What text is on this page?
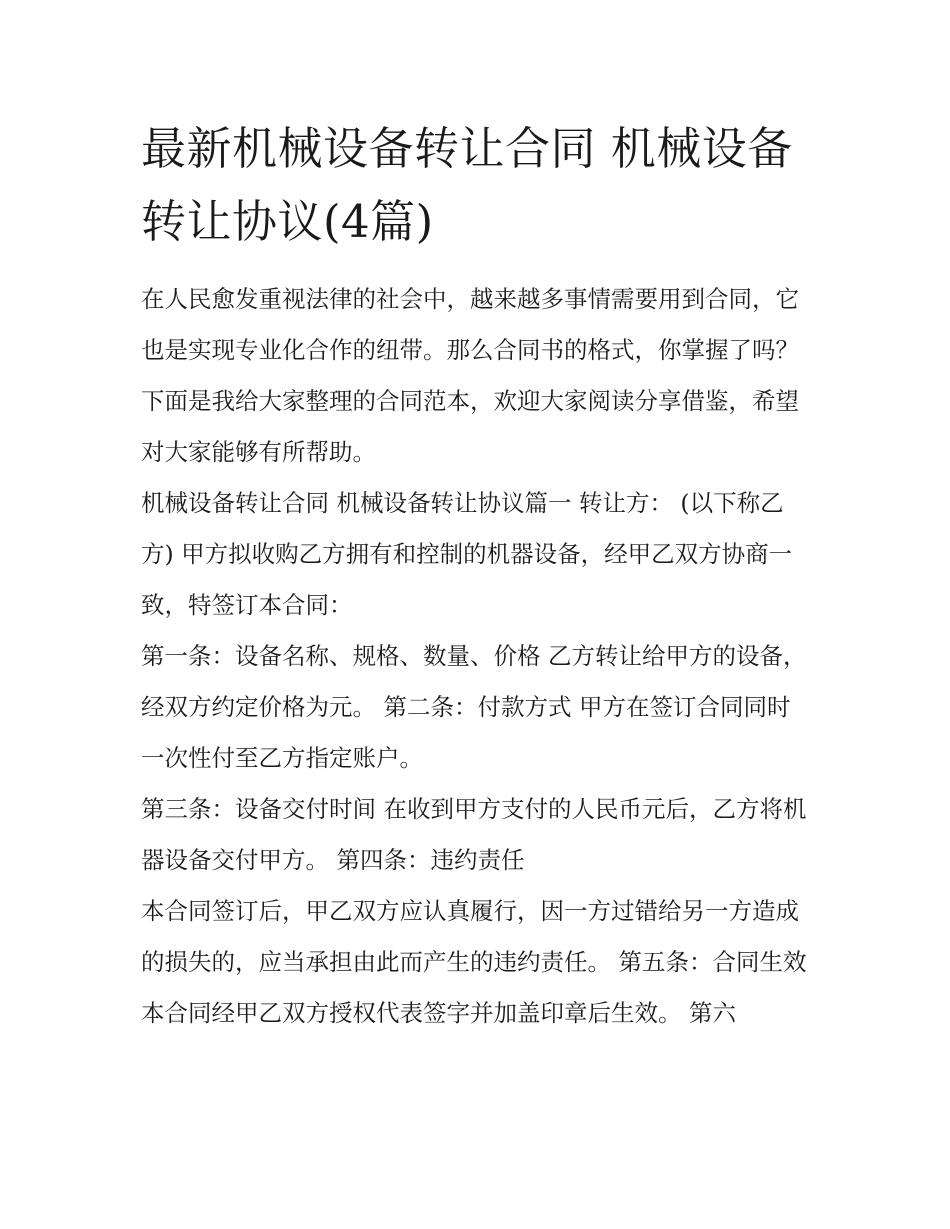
最新机械设备转让合同 机械设备转让协议(4篇)

在人民愈发重视法律的社会中，越来越多事情需要用到合同，它也是实现专业化合作的纽带。那么合同书的格式，你掌握了吗？下面是我给大家整理的合同范本，欢迎大家阅读分享借鉴，希望对大家能够有所帮助。

机械设备转让合同 机械设备转让协议篇一 转让方： (以下称乙方) 甲方拟收购乙方拥有和控制的机器设备，经甲乙双方协商一致，特签订本合同：

第一条：设备名称、规格、数量、价格 乙方转让给甲方的设备，经双方约定价格为元。 第二条：付款方式 甲方在签订合同同时一次性付至乙方指定账户。

第三条：设备交付时间 在收到甲方支付的人民币元后，乙方将机器设备交付甲方。 第四条：违约责任

本合同签订后，甲乙双方应认真履行，因一方过错给另一方造成的损失的，应当承担由此而产生的违约责任。 第五条：合同生效

本合同经甲乙双方授权代表签字并加盖印章后生效。 第六
